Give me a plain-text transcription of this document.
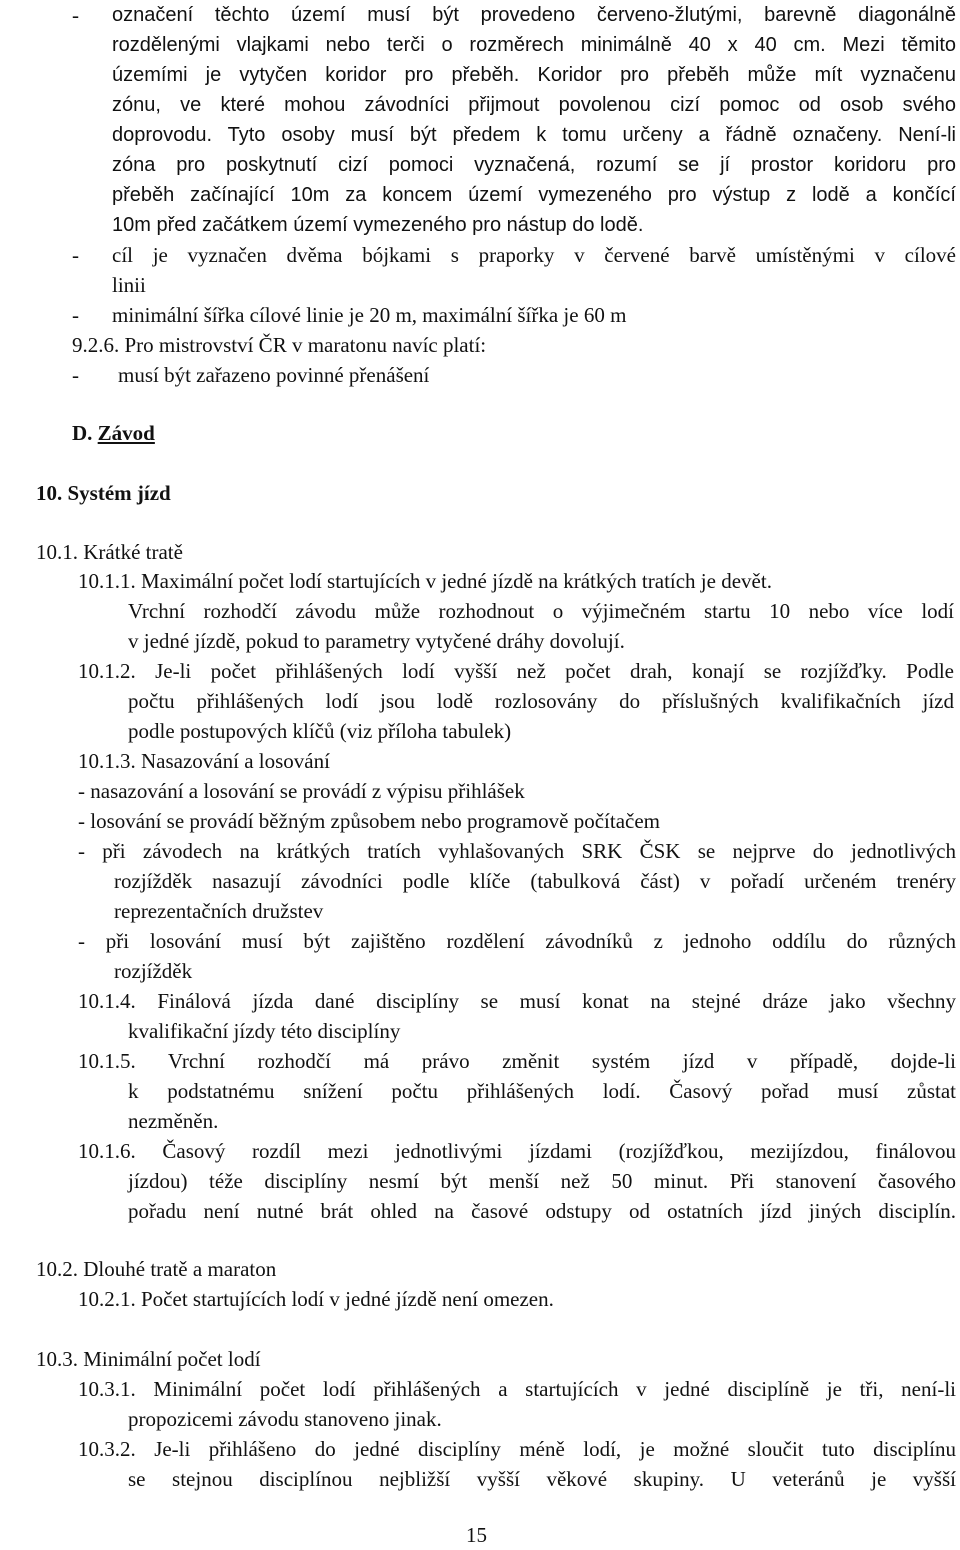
- označení těchto území musí být provedeno červeno-žlutými, barevně diagonálně
rozdělenými vlajkami nebo terči o rozměrech minimálně 40 x 40 cm. Mezi těmito
územími je vytyčen koridor pro přeběh. Koridor pro přeběh může mít vyznačenu
zónu, ve které mohou závodníci přijmout povolenou cizí pomoc od osob svého
doprovodu. Tyto osoby musí být předem k tomu určeny a řádně označeny. Není-li
zóna pro poskytnutí cizí pomoci vyznačená, rozumí se jí prostor koridoru pro
přeběh začínající 10m za koncem území vymezeného pro výstup z lodě a končící
10m před začátkem území vymezeného pro nástup do lodě.
- cíl je vyznačen dvěma bójkami s praporky v červené barvě umístěnými v cílové
linii
- minimální šířka cílové linie je 20 m, maximální šířka je 60 m
9.2.6. Pro mistrovství ČR v maratonu navíc platí:
- musí být zařazeno povinné přenášení
D. Závod
10. Systém jízd
10.1. Krátké tratě
10.1.1. Maximální počet lodí startujících v jedné jízdě na krátkých tratích je devět.
Vrchní rozhodčí závodu může rozhodnout o výjimečném startu 10 nebo více lodí
v jedné jízdě, pokud to parametry vytyčené dráhy dovolují.
10.1.2. Je-li počet přihlášených lodí vyšší než počet drah, konají se rozjížďky. Podle
počtu přihlášených lodí jsou lodě rozlosovány do příslušných kvalifikačních jízd
podle postupových klíčů (viz příloha tabulek)
10.1.3. Nasazování a losování
- nasazování a losování se provádí z výpisu přihlášek
- losování se provádí běžným způsobem nebo programově počítačem
- při závodech na krátkých tratích vyhlašovaných SRK ČSK se nejprve do jednotlivých
rozjížděk nasazují závodníci podle klíče (tabulková část) v pořadí určeném trenéry
reprezentačních družstev
- při losování musí být zajištěno rozdělení závodníků z jednoho oddílu do různých
rozjížděk
10.1.4. Finálová jízda dané disciplíny se musí konat na stejné dráze jako všechny
kvalifikační jízdy této disciplíny
10.1.5. Vrchní rozhodčí má právo změnit systém jízd v případě, dojde-li
k podstatnému snížení počtu přihlášených lodí. Časový pořad musí zůstat
nezměněn.
10.1.6. Časový rozdíl mezi jednotlivými jízdami (rozjížďkou, mezijízdou, finálovou
jízdou) téže disciplíny nesmí být menší než 50 minut. Při stanovení časového
pořadu není nutné brát ohled na časové odstupy od ostatních jízd jiných disciplín.
10.2. Dlouhé tratě a maraton
10.2.1. Počet startujících lodí v jedné jízdě není omezen.
10.3. Minimální počet lodí
10.3.1. Minimální počet lodí přihlášených a startujících v jedné disciplíně je tři, není-li
propozicemi závodu stanoveno jinak.
10.3.2. Je-li přihlášeno do jedné disciplíny méně lodí, je možné sloučit tuto disciplínu
se stejnou disciplínou nejbližší vyšší věkové skupiny. U veteránů je vyšší
15
